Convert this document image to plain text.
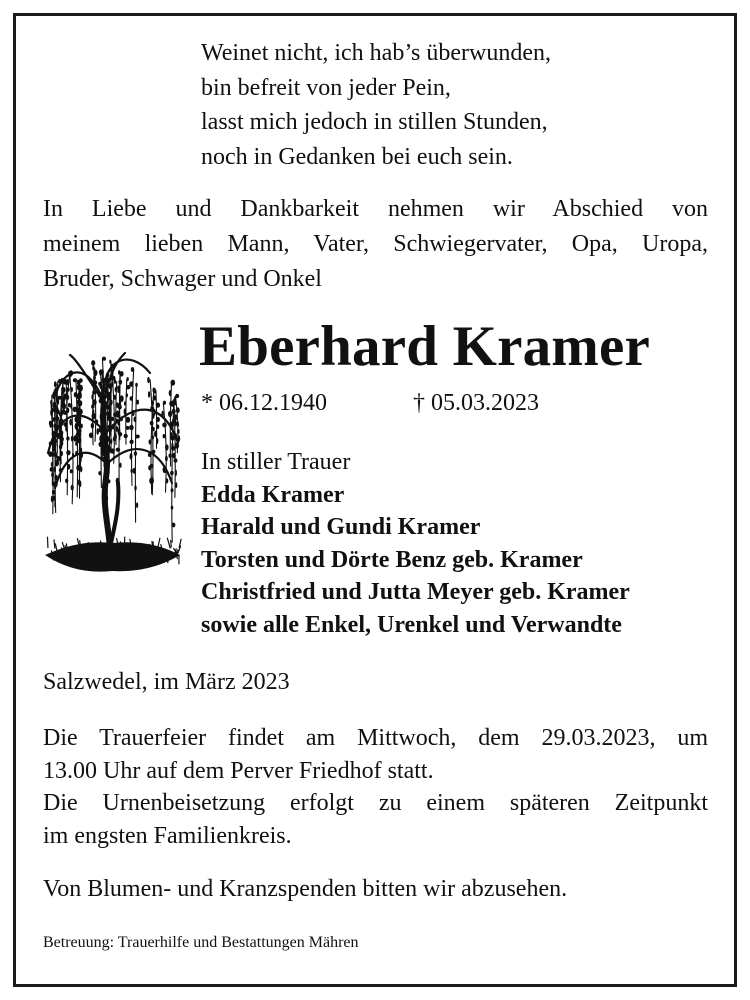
Weinet nicht, ich hab’s überwunden,
bin befreit von jeder Pein,
lasst mich jedoch in stillen Stunden,
noch in Gedanken bei euch sein.
In Liebe und Dankbarkeit nehmen wir Abschied von
meinem lieben Mann, Vater, Schwiegervater, Opa, Uropa,
Bruder, Schwager und Onkel
Eberhard Kramer
* 06.12.1940	† 05.03.2023
In stiller Trauer
Edda Kramer
Harald und Gundi Kramer
Torsten und Dörte Benz geb. Kramer
Christfried und Jutta Meyer geb. Kramer
sowie alle Enkel, Urenkel und Verwandte
Salzwedel, im März 2023
Die Trauerfeier findet am Mittwoch, dem 29.03.2023, um
13.00 Uhr auf dem Perver Friedhof statt.
Die Urnenbeisetzung erfolgt zu einem späteren Zeitpunkt
im engsten Familienkreis.
Von Blumen- und Kranzspenden bitten wir abzusehen.
Betreuung: Trauerhilfe und Bestattungen Mähren
